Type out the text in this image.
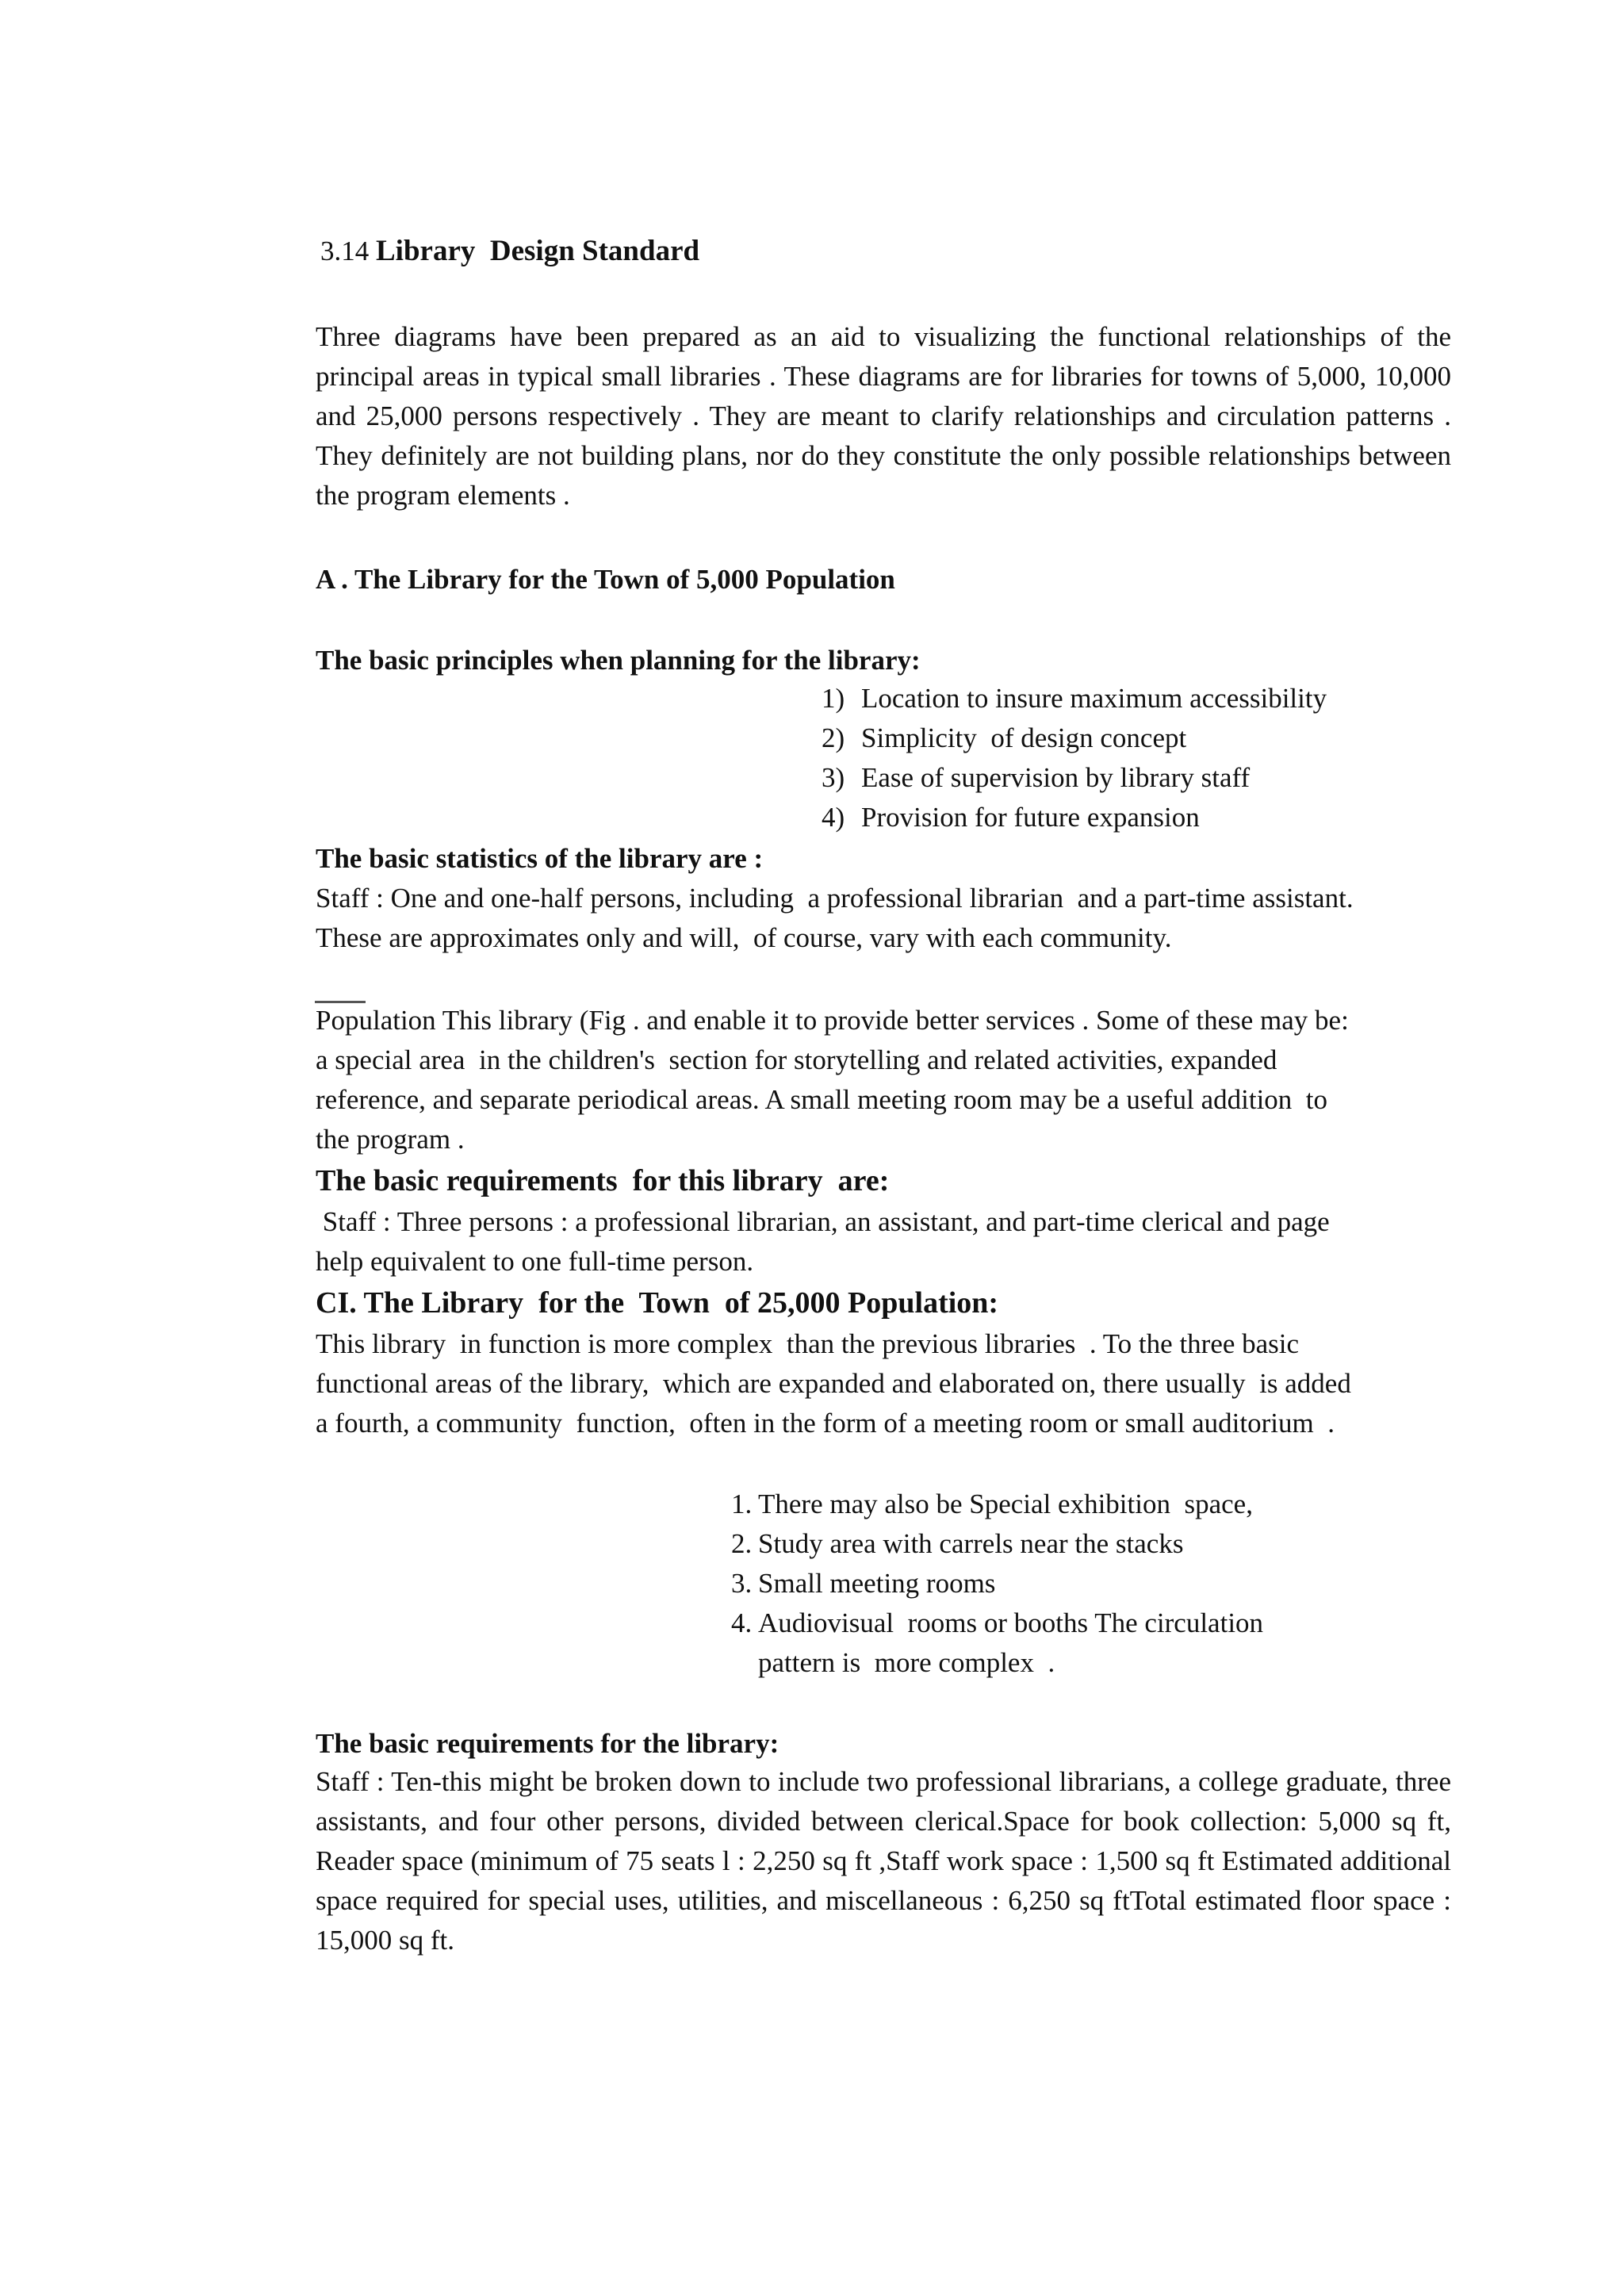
3.14 Library  Design Standard
Three diagrams have been prepared as an aid to visualizing the functional relationships of the principal areas in typical small libraries . These diagrams are for libraries for towns of 5,000, 10,000 and 25,000 persons respectively . They are meant to clarify relationships and circulation patterns . They definitely are not building plans, nor do they constitute the only possible relationships between the program elements .
A . The Library for the Town of 5,000 Population
The basic principles when planning for the library:
1) Location to insure maximum accessibility
2) Simplicity  of design concept
3) Ease of supervision by library staff
4) Provision for future expansion
The basic statistics of the library are :
Staff : One and one-half persons, including  a professional librarian  and a part-time assistant.
These are approximates only and will,  of course, vary with each community.
Population This library (Fig . and enable it to provide better services . Some of these may be:
a special area  in the children's  section for storytelling and related activities, expanded
reference, and separate periodical areas. A small meeting room may be a useful addition  to
the program .
The basic requirements  for this library  are:
Staff : Three persons : a professional librarian, an assistant, and part-time clerical and page
help equivalent to one full-time person.
CI. The Library  for the  Town  of 25,000 Population:
This library  in function is more complex  than the previous libraries  . To the three basic
functional areas of the library,  which are expanded and elaborated on, there usually  is added
a fourth, a community  function,  often in the form of a meeting room or small auditorium  .
1. There may also be Special exhibition  space,
2. Study area with carrels near the stacks
3. Small meeting rooms
4. Audiovisual  rooms or booths The circulation
pattern is  more complex  .
The basic requirements for the library:
Staff : Ten-this might be broken down to include two professional librarians, a college graduate, three assistants, and four other persons, divided between clerical.Space for book collection: 5,000 sq ft, Reader space (minimum of 75 seats l : 2,250 sq ft ,Staff work space : 1,500 sq ft Estimated additional space required for special uses, utilities, and miscellaneous : 6,250 sq ftTotal estimated floor space : 15,000 sq ft.
